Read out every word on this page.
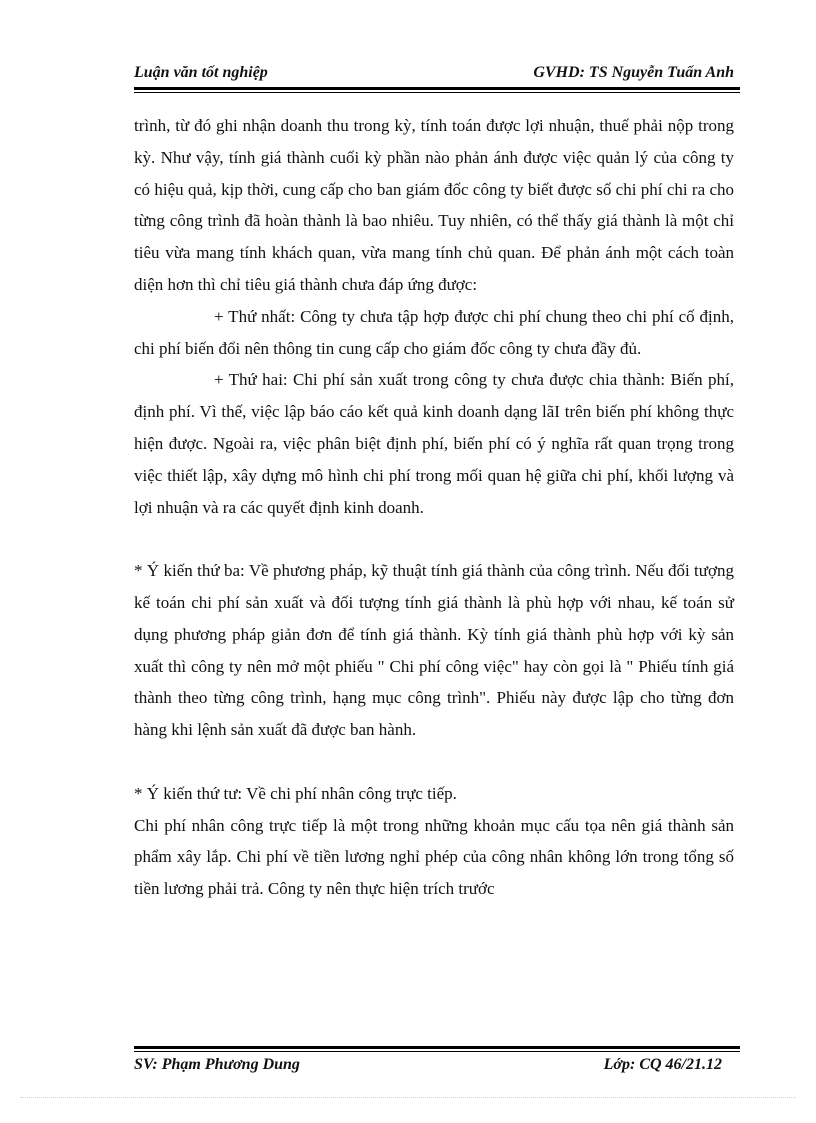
Luận văn tốt nghiệp	GVHD: TS Nguyễn Tuấn Anh

trình, từ đó ghi nhận doanh thu trong kỳ, tính toán được lợi nhuận, thuế phải nộp trong kỳ. Như vậy, tính giá thành cuối kỳ phần nào phản ánh được việc quản lý của công ty có hiệu quả, kịp thời, cung cấp cho ban giám đốc công ty biết được số chi phí chi ra cho từng công trình đã hoàn thành là bao nhiêu. Tuy nhiên, có thể thấy giá thành là một chỉ tiêu vừa mang tính khách quan, vừa mang tính chủ quan. Để phản ánh một cách toàn diện hơn thì chỉ tiêu giá thành chưa đáp ứng được:

+ Thứ nhất: Công ty chưa tập hợp được chi phí chung theo chi phí cố định, chi phí biến đổi nên thông tin cung cấp cho giám đốc công ty chưa đầy đủ.

+ Thứ hai: Chi phí sản xuất trong công ty chưa được chia thành: Biến phí, định phí. Vì thế, việc lập báo cáo kết quả kinh doanh dạng lãI trên biến phí không thực hiện được. Ngoài ra, việc phân biệt định phí, biến phí có ý nghĩa rất quan trọng trong việc thiết lập, xây dựng mô hình chi phí trong mối quan hệ giữa chi phí, khối lượng và lợi nhuận và ra các quyết định kinh doanh.

* Ý kiến thứ ba: Về phương pháp, kỹ thuật tính giá thành của công trình. Nếu đối tượng kế toán chi phí sản xuất và đối tượng tính giá thành là phù hợp với nhau, kế toán sử dụng phương pháp giản đơn để tính giá thành. Kỳ tính giá thành phù hợp với kỳ sản xuất thì công ty nên mở một phiếu " Chi phí công việc" hay còn gọi là " Phiếu tính giá thành theo từng công trình, hạng mục công trình". Phiếu này được lập cho từng đơn hàng khi lệnh sản xuất đã được ban hành.

* Ý kiến thứ tư: Về chi phí nhân công trực tiếp.

Chi phí nhân công trực tiếp là một trong những khoản mục cấu tọa nên giá thành sản phẩm xây lắp. Chi phí về tiền lương nghỉ phép của công nhân không lớn trong tổng số tiền lương phải trả. Công ty nên thực hiện trích trước

SV: Phạm Phương Dung	Lớp: CQ 46/21.12
